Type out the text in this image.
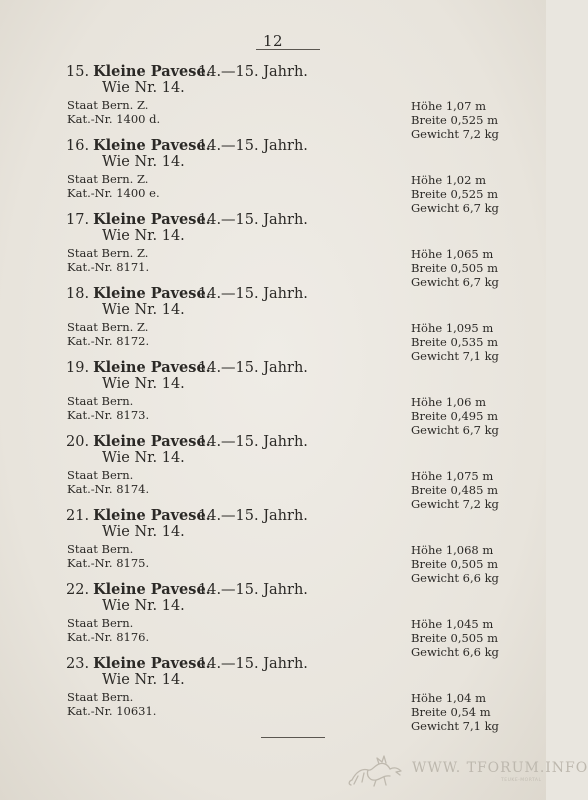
12
15. Kleine Pavese.
14.—15. Jahrh.
Wie Nr. 14.
Staat Bern. Z.
Kat.-Nr. 1400 d.
Höhe 1,07 m
Breite 0,525 m
Gewicht 7,2 kg
16. Kleine Pavese.
14.—15. Jahrh.
Wie Nr. 14.
Staat Bern. Z.
Kat.-Nr. 1400 e.
Höhe 1,02 m
Breite 0,525 m
Gewicht 6,7 kg
17. Kleine Pavese.
14.—15. Jahrh.
Wie Nr. 14.
Staat Bern. Z.
Kat.-Nr. 8171.
Höhe 1,065 m
Breite 0,505 m
Gewicht 6,7 kg
18. Kleine Pavese.
14.—15. Jahrh.
Wie Nr. 14.
Staat Bern. Z.
Kat.-Nr. 8172.
Höhe 1,095 m
Breite 0,535 m
Gewicht 7,1 kg
19. Kleine Pavese.
14.—15. Jahrh.
Wie Nr. 14.
Staat Bern.
Kat.-Nr. 8173.
Höhe 1,06 m
Breite 0,495 m
Gewicht 6,7 kg
20. Kleine Pavese.
14.—15. Jahrh.
Wie Nr. 14.
Staat Bern.
Kat.-Nr. 8174.
Höhe 1,075 m
Breite 0,485 m
Gewicht 7,2 kg
21. Kleine Pavese.
14.—15. Jahrh.
Wie Nr. 14.
Staat Bern.
Kat.-Nr. 8175.
Höhe 1,068 m
Breite 0,505 m
Gewicht 6,6 kg
22. Kleine Pavese.
14.—15. Jahrh.
Wie Nr. 14.
Staat Bern.
Kat.-Nr. 8176.
Höhe 1,045 m
Breite 0,505 m
Gewicht 6,6 kg
23. Kleine Pavese.
14.—15. Jahrh.
Wie Nr. 14.
Staat Bern.
Kat.-Nr. 10631.
Höhe 1,04 m
Breite 0,54 m
Gewicht 7,1 kg
WWW. TFORUM.INFO
TEUKE-MORTAL
